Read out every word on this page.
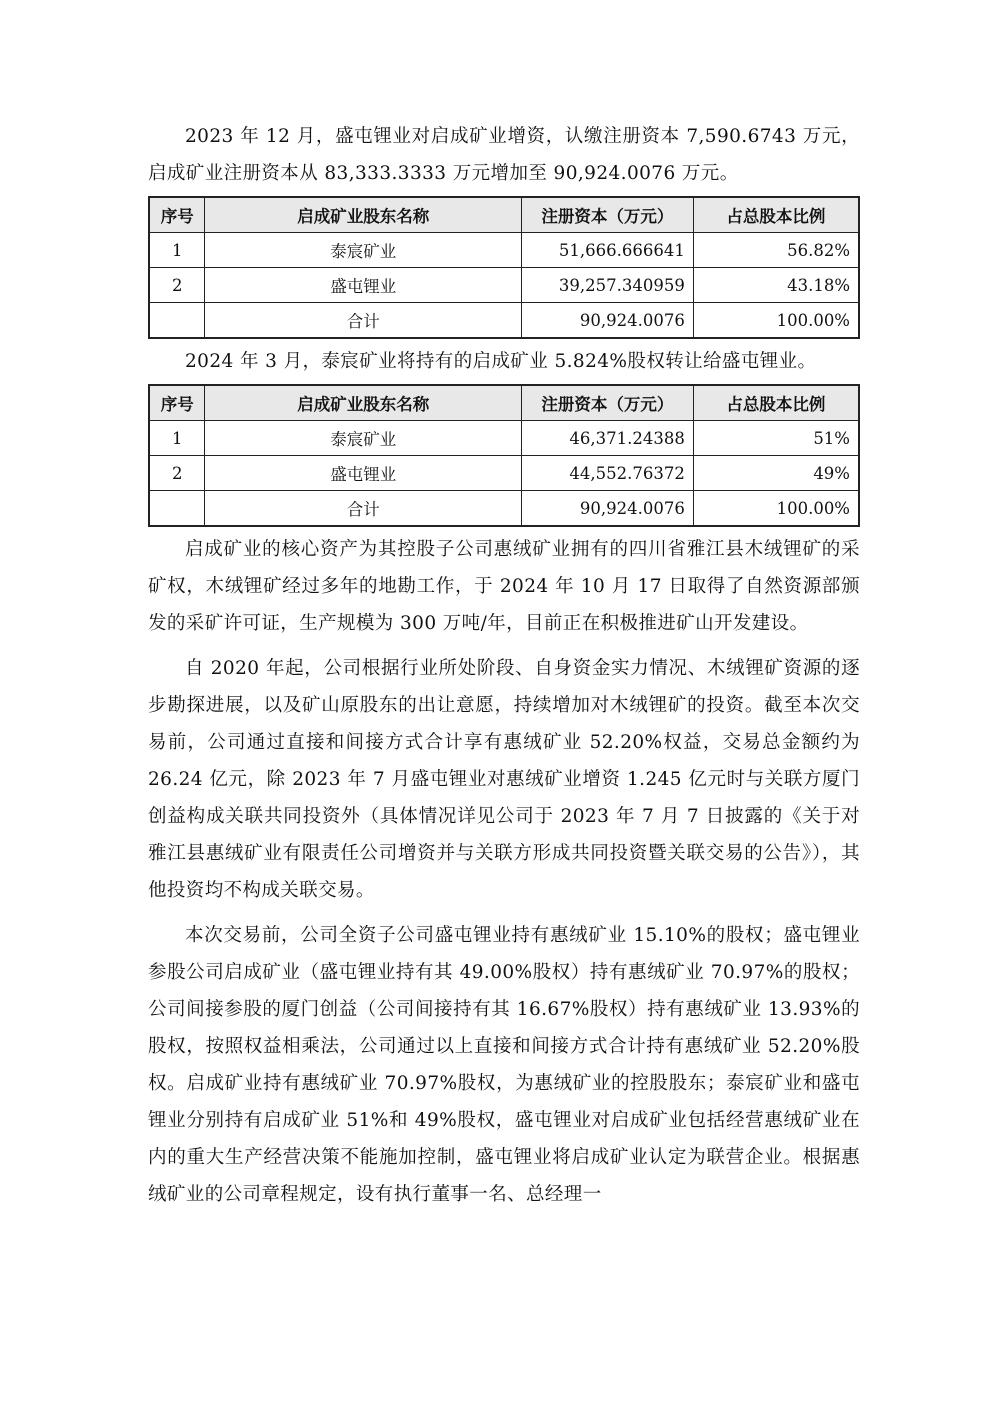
2023 年 12 月，盛屯锂业对启成矿业增资，认缴注册资本 7,590.6743 万元，启成矿业注册资本从 83,333.3333 万元增加至 90,924.0076 万元。

序号	启成矿业股东名称	注册资本（万元）	占总股本比例
1	泰宸矿业	51,666.666641	56.82%
2	盛屯锂业	39,257.340959	43.18%
	合计	90,924.0076	100.00%

2024 年 3 月，泰宸矿业将持有的启成矿业 5.824%股权转让给盛屯锂业。

序号	启成矿业股东名称	注册资本（万元）	占总股本比例
1	泰宸矿业	46,371.24388	51%
2	盛屯锂业	44,552.76372	49%
	合计	90,924.0076	100.00%

启成矿业的核心资产为其控股子公司惠绒矿业拥有的四川省雅江县木绒锂矿的采矿权，木绒锂矿经过多年的地勘工作，于 2024 年 10 月 17 日取得了自然资源部颁发的采矿许可证，生产规模为 300 万吨/年，目前正在积极推进矿山开发建设。

自 2020 年起，公司根据行业所处阶段、自身资金实力情况、木绒锂矿资源的逐步勘探进展，以及矿山原股东的出让意愿，持续增加对木绒锂矿的投资。截至本次交易前，公司通过直接和间接方式合计享有惠绒矿业 52.20%权益，交易总金额约为 26.24 亿元，除 2023 年 7 月盛屯锂业对惠绒矿业增资 1.245 亿元时与关联方厦门创益构成关联共同投资外（具体情况详见公司于 2023 年 7 月 7 日披露的《关于对雅江县惠绒矿业有限责任公司增资并与关联方形成共同投资暨关联交易的公告》），其他投资均不构成关联交易。

本次交易前，公司全资子公司盛屯锂业持有惠绒矿业 15.10%的股权；盛屯锂业参股公司启成矿业（盛屯锂业持有其 49.00%股权）持有惠绒矿业 70.97%的股权；公司间接参股的厦门创益（公司间接持有其 16.67%股权）持有惠绒矿业 13.93%的股权，按照权益相乘法，公司通过以上直接和间接方式合计持有惠绒矿业 52.20%股权。启成矿业持有惠绒矿业 70.97%股权，为惠绒矿业的控股股东；泰宸矿业和盛屯锂业分别持有启成矿业 51%和 49%股权，盛屯锂业对启成矿业包括经营惠绒矿业在内的重大生产经营决策不能施加控制，盛屯锂业将启成矿业认定为联营企业。根据惠绒矿业的公司章程规定，设有执行董事一名、总经理一
